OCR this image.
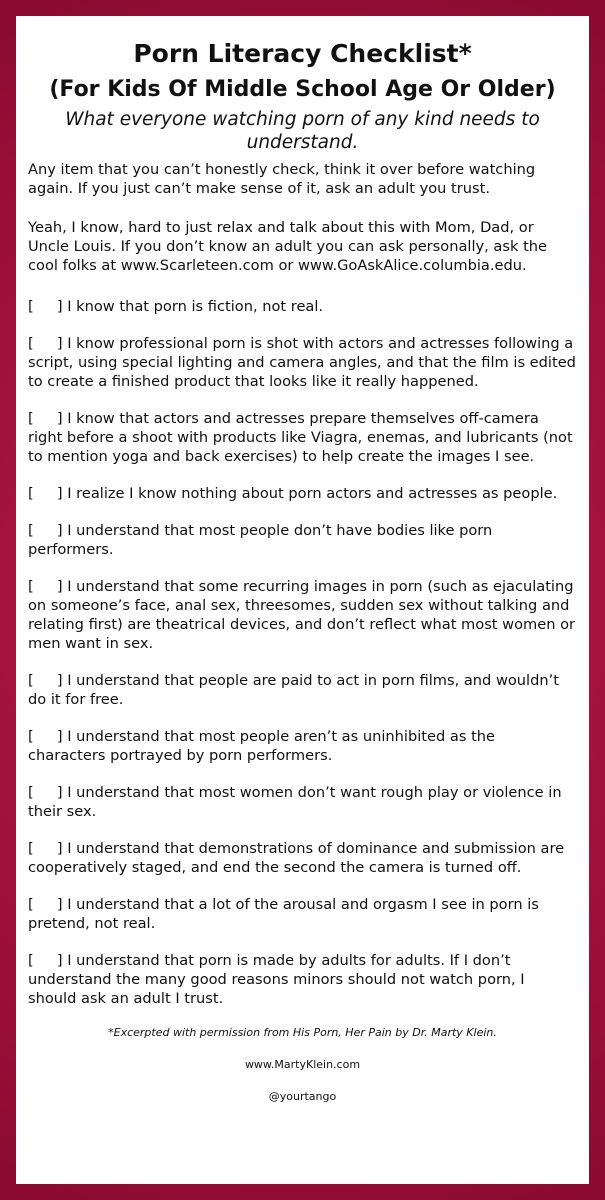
Porn Literacy Checklist*
(For Kids Of Middle School Age Or Older)
What everyone watching porn of any kind needs to understand.

Any item that you can’t honestly check, think it over before watching again. If you just can’t make sense of it, ask an adult you trust.

Yeah, I know, hard to just relax and talk about this with Mom, Dad, or Uncle Louis. If you don’t know an adult you can ask personally, ask the cool folks at www.Scarleteen.com or www.GoAskAlice.columbia.edu.

[     ] I know that porn is fiction, not real.
[     ] I know professional porn is shot with actors and actresses following a script, using special lighting and camera angles, and that the film is edited to create a finished product that looks like it really happened.
[     ] I know that actors and actresses prepare themselves off-camera right before a shoot with products like Viagra, enemas, and lubricants (not to mention yoga and back exercises) to help create the images I see.
[     ] I realize I know nothing about porn actors and actresses as people.
[     ] I understand that most people don’t have bodies like porn performers.
[     ] I understand that some recurring images in porn (such as ejaculating on someone’s face, anal sex, threesomes, sudden sex without talking and relating first) are theatrical devices, and don’t reflect what most women or men want in sex.
[     ] I understand that people are paid to act in porn films, and wouldn’t do it for free.
[     ] I understand that most people aren’t as uninhibited as the characters portrayed by porn performers.
[     ] I understand that most women don’t want rough play or violence in their sex.
[     ] I understand that demonstrations of dominance and submission are cooperatively staged, and end the second the camera is turned off.
[     ] I understand that a lot of the arousal and orgasm I see in porn is pretend, not real.
[     ] I understand that porn is made by adults for adults. If I don’t understand the many good reasons minors should not watch porn, I should ask an adult I trust.
*Excerpted with permission from His Porn, Her Pain by Dr. Marty Klein.
www.MartyKlein.com
@yourtango
